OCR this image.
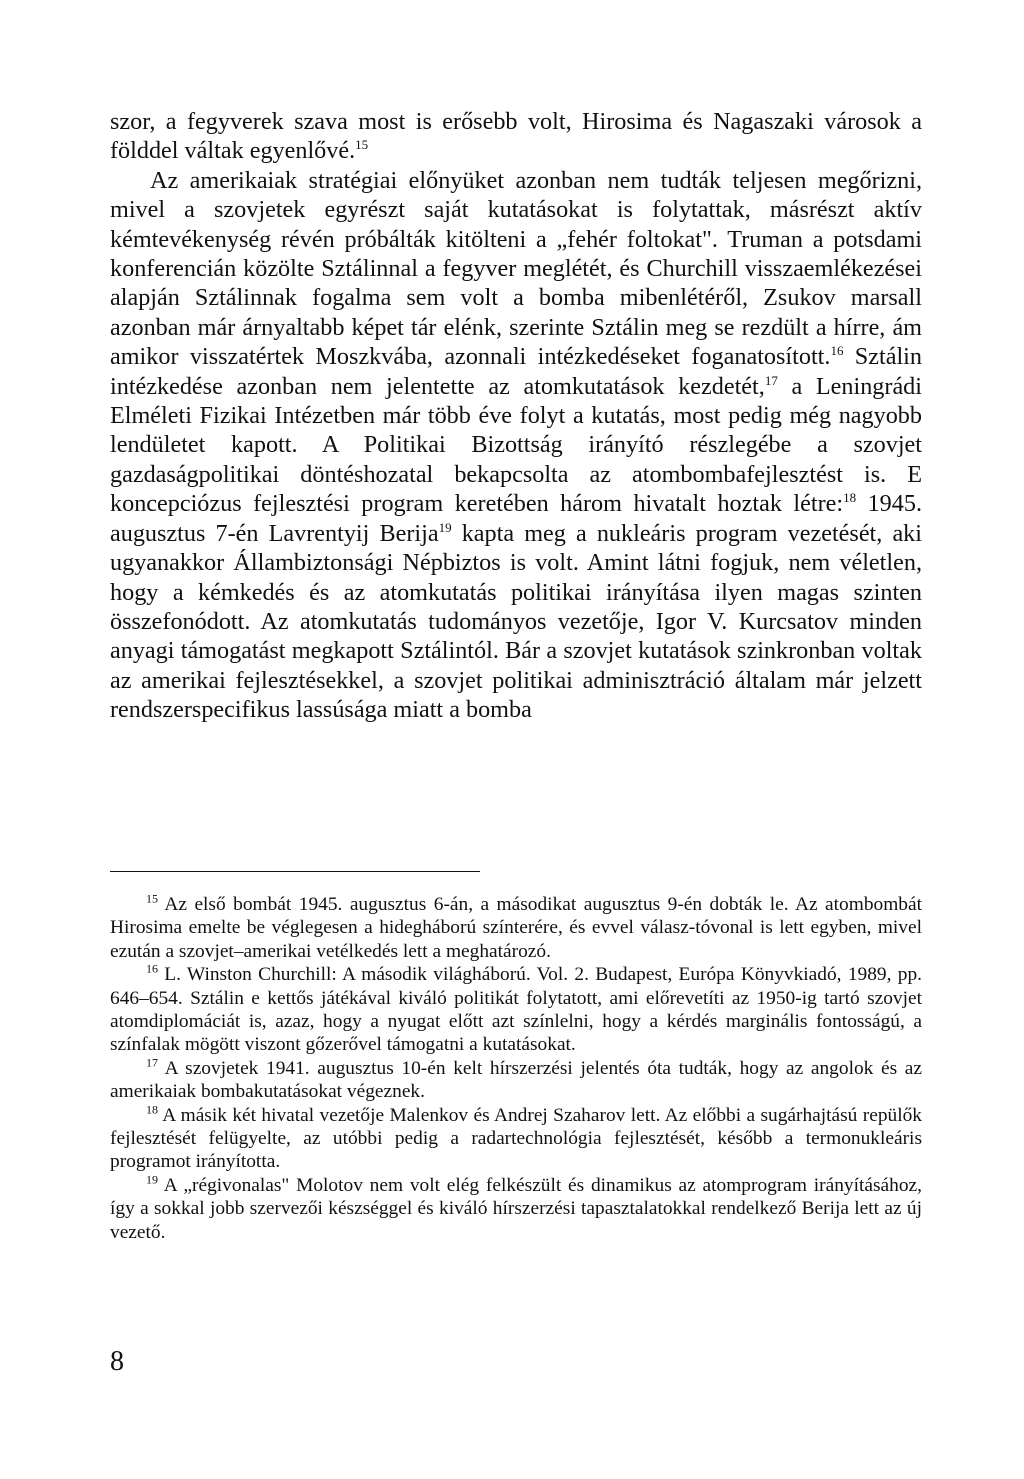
szor, a fegyverek szava most is erősebb volt, Hirosima és Nagaszaki városok a földdel váltak egyenlővé.$^{15}$

Az amerikaiak stratégiai előnyüket azonban nem tudták teljesen megőrizni, mivel a szovjetek egyrészt saját kutatásokat is folytattak, másrészt aktív kémtevékenység révén próbálták kitölteni a „fehér foltokat". Truman a potsdami konferencián közölte Sztálinnal a fegyver meglétét, és Churchill visszaemlékezései alapján Sztálinnak fogalma sem volt a bomba mibenlétéről, Zsukov marsall azonban már árnyaltabb képet tár elénk, szerinte Sztálin meg se rezdült a hírre, ám amikor visszatértek Moszkvába, azonnali intézkedéseket foganatosított.$^{16}$ Sztálin intézkedése azonban nem jelentette az atomkutatások kezdetét,$^{17}$ a Leningrádi Elméleti Fizikai Intézetben már több éve folyt a kutatás, most pedig még nagyobb lendületet kapott. A Politikai Bizottság irányító részlegébe a szovjet gazdaságpolitikai döntéshozatal bekapcsolta az atombombafejlesztést is. E koncepciózus fejlesztési program keretében három hivatalt hoztak létre:$^{18}$ 1945. augusztus 7-én Lavrentyij Berija$^{19}$ kapta meg a nukleáris program vezetését, aki ugyanakkor Állambiztonsági Népbiztos is volt. Amint látni fogjuk, nem véletlen, hogy a kémkedés és az atomkutatás politikai irányítása ilyen magas szinten összefonódott. Az atomkutatás tudományos vezetője, Igor V. Kurcsatov minden anyagi támogatást megkapott Sztálintól. Bár a szovjet kutatások szinkronban voltak az amerikai fejlesztésekkel, a szovjet politikai adminisztráció általam már jelzett rendszerspecifikus lassúsága miatt a bomba

$^{15}$ Az első bombát 1945. augusztus 6-án, a másodikat augusztus 9-én dobták le. Az atombombát Hirosima emelte be véglegesen a hidegháború színterére, és evvel válasz-tóvonal is lett egyben, mivel ezután a szovjet–amerikai vetélkedés lett a meghatározó.

$^{16}$ L. Winston Churchill: A második világháború. Vol. 2. Budapest, Európa Könyvkiadó, 1989, pp. 646–654. Sztálin e kettős játékával kiváló politikát folytatott, ami előrevetíti az 1950-ig tartó szovjet atomdiplomáciát is, azaz, hogy a nyugat előtt azt színlelni, hogy a kérdés marginális fontosságú, a színfalak mögött viszont gőzerővel támogatni a kutatásokat.

$^{17}$ A szovjetek 1941. augusztus 10-én kelt hírszerzési jelentés óta tudták, hogy az angolok és az amerikaiak bombakutatásokat végeznek.

$^{18}$ A másik két hivatal vezetője Malenkov és Andrej Szaharov lett. Az előbbi a sugárhajtású repülők fejlesztését felügyelte, az utóbbi pedig a radartechnológia fejlesztését, később a termonukleáris programot irányította.

$^{19}$ A „régivonalas" Molotov nem volt elég felkészült és dinamikus az atomprogram irányításához, így a sokkal jobb szervezői készséggel és kiváló hírszerzési tapasztalatokkal rendelkező Berija lett az új vezető.

8
